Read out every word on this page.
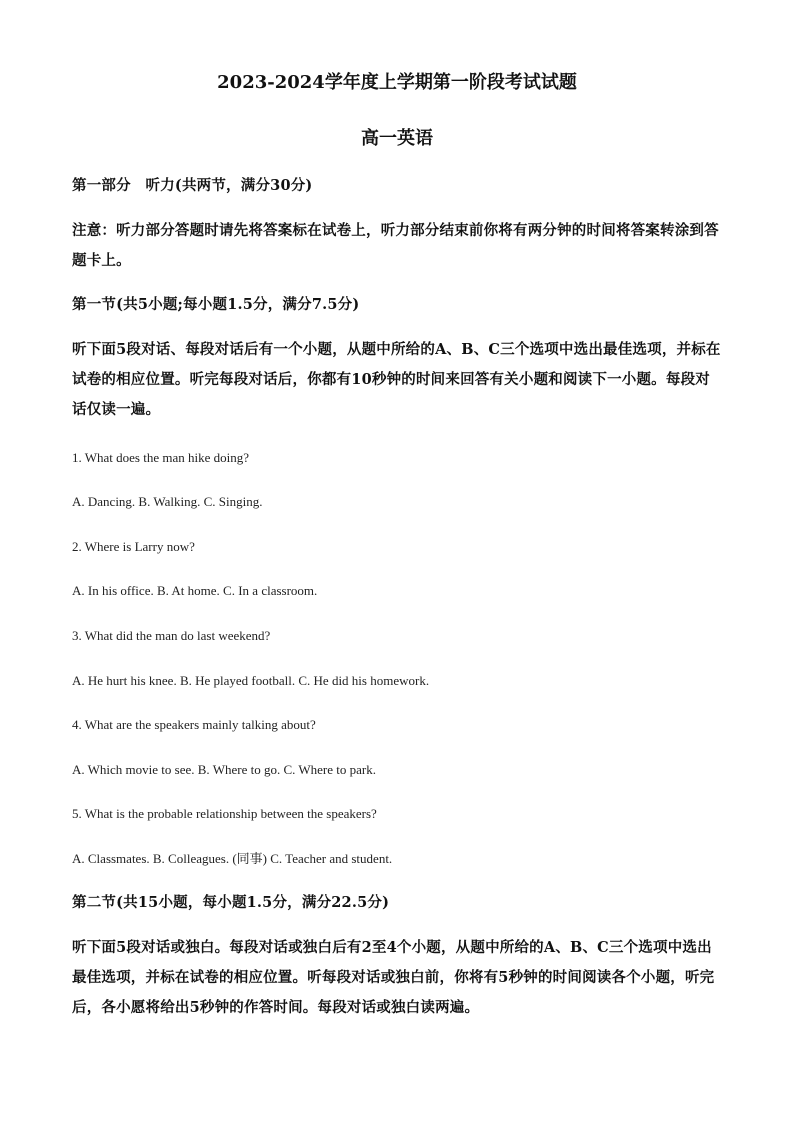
2023-2024学年度上学期第一阶段考试试题
高一英语

第一部分　听力(共两节，满分30分)

注意：听力部分答题时请先将答案标在试卷上，听力部分结束前你将有两分钟的时间将答案转涂到答题卡上。

第一节(共5小题;每小题1.5分，满分7.5分)

听下面5段对话、每段对话后有一个小题，从题中所给的A、B、C三个选项中选出最佳选项，并标在试卷的相应位置。听完每段对话后，你都有10秒钟的时间来回答有关小题和阅读下一小题。每段对话仅读一遍。

1. What does the man hike doing?

A. Dancing. B. Walking. C. Singing.

2. Where is Larry now?

A. In his office. B. At home. C. In a classroom.

3. What did the man do last weekend?

A. He hurt his knee. B. He played football. C. He did his homework.

4. What are the speakers mainly talking about?

A. Which movie to see. B. Where to go. C. Where to park.

5. What is the probable relationship between the speakers?

A. Classmates. B. Colleagues. (同事) C. Teacher and student.

第二节(共15小题，每小题1.5分，满分22.5分)

听下面5段对话或独白。每段对话或独白后有2至4个小题，从题中所给的A、B、C三个选项中选出最佳选项，并标在试卷的相应位置。听每段对话或独白前，你将有5秒钟的时间阅读各个小题，听完后，各小愿将给出5秒钟的作答时间。每段对话或独白读两遍。
